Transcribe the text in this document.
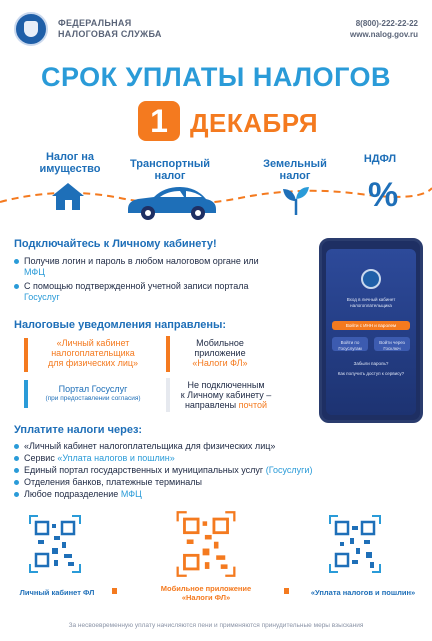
ФЕДЕРАЛЬНАЯ
НАЛОГОВАЯ СЛУЖБА
8(800)-222-22-22
www.nalog.gov.ru
СРОК УПЛАТЫ НАЛОГОВ
1 ДЕКАБРЯ
Налог на
имущество	Транспортный
налог
Земельный
налог
НДФЛ
%
Подключайтесь к Личному кабинету!
Получив логин и пароль в любом налоговом органе или
МФЦ
С помощью подтвержденной учетной записи портала
Госуслуг	Вход в личный кабинет
налогоплательщика
Войти с ИНН и паролем
Войти по Госуслугам
Войти через Госключ
Забыли пароль?
Как получить доступ к сервису?
Налоговые уведомления направлены:
«Личный кабинет
налогоплательщика
для физических лиц»
Мобильное
приложение
«Налоги ФЛ»
Портал Госуслуг
(при предоставлении согласия)
Не подключенным
к Личному кабинету –
направлены почтой
Уплатите налоги через:
«Личный кабинет налогоплательщика для физических лиц»
Сервис «Уплата налогов и пошлин»
Единый портал государственных и муниципальных услуг (Госуслуги)
Отделения банков, платежные терминалы
Любое подразделение МФЦ
Личный кабинет ФЛ	Мобильное приложение
«Налоги ФЛ»
«Уплата налогов и пошлин»
За несвоевременную уплату начисляются пени и применяются принудительные меры взыскания
